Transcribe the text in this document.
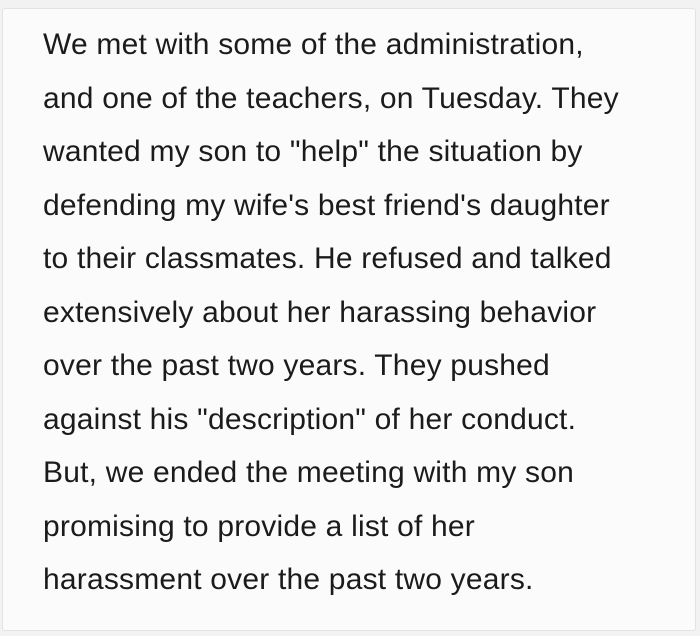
We met with some of the administration,
and one of the teachers, on Tuesday. They
wanted my son to "help" the situation by
defending my wife's best friend's daughter
to their classmates. He refused and talked
extensively about her harassing behavior
over the past two years. They pushed
against his "description" of her conduct.
But, we ended the meeting with my son
promising to provide a list of her
harassment over the past two years.
